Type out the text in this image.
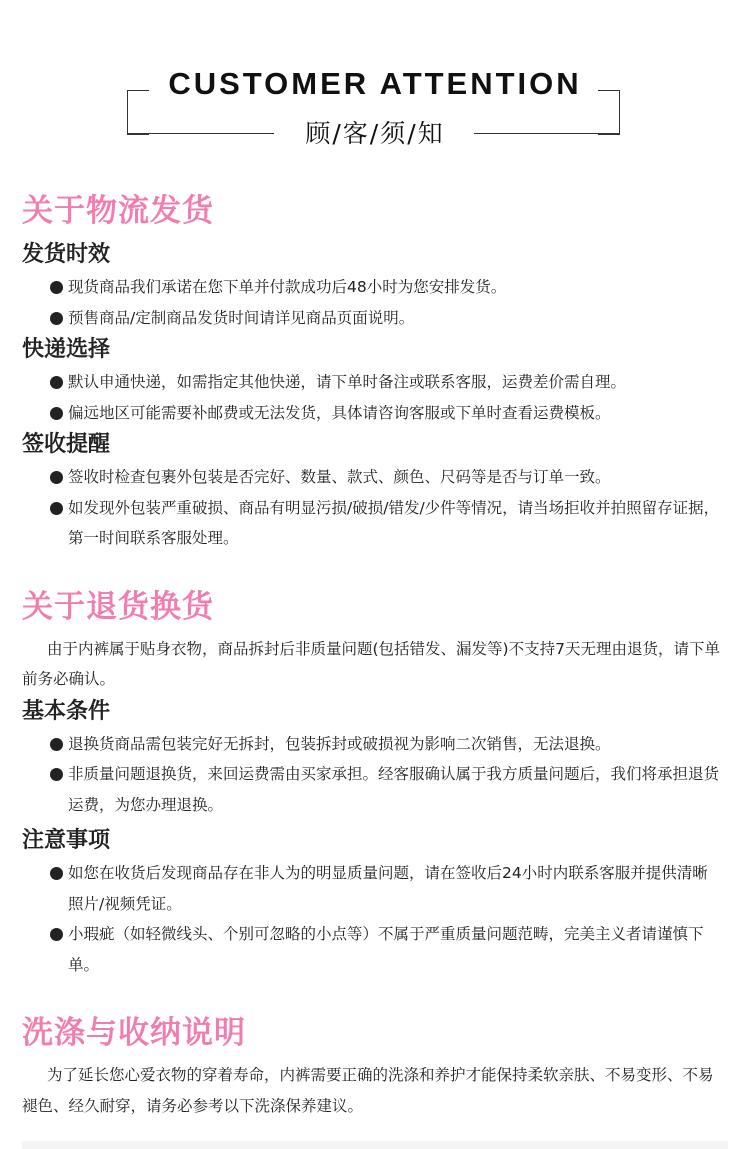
CUSTOMER ATTENTION
顾/客/须/知
关于物流发货
发货时效
现货商品我们承诺在您下单并付款成功后48小时为您安排发货。
预售商品/定制商品发货时间请详见商品页面说明。
快递选择
默认申通快递，如需指定其他快递，请下单时备注或联系客服，运费差价需自理。
偏远地区可能需要补邮费或无法发货，具体请咨询客服或下单时查看运费模板。
签收提醒
签收时检查包裹外包装是否完好、数量、款式、颜色、尺码等是否与订单一致。
如发现外包装严重破损、商品有明显污损/破损/错发/少件等情况，请当场拒收并拍照留存证据，第一时间联系客服处理。
关于退货换货

由于内裤属于贴身衣物，商品拆封后非质量问题(包括错发、漏发等)不支持7天无理由退货，请下单前务必确认。

基本条件
退换货商品需包装完好无拆封，包装拆封或破损视为影响二次销售，无法退换。
非质量问题退换货，来回运费需由买家承担。经客服确认属于我方质量问题后，我们将承担退货运费，为您办理退换。
注意事项
如您在收货后发现商品存在非人为的明显质量问题，请在签收后24小时内联系客服并提供清晰照片/视频凭证。
小瑕疵（如轻微线头、个别可忽略的小点等）不属于严重质量问题范畴，完美主义者请谨慎下单。
洗涤与收纳说明

为了延长您心爱衣物的穿着寿命，内裤需要正确的洗涤和养护才能保持柔软亲肤、不易变形、不易褪色、经久耐穿，请务必参考以下洗涤保养建议。
